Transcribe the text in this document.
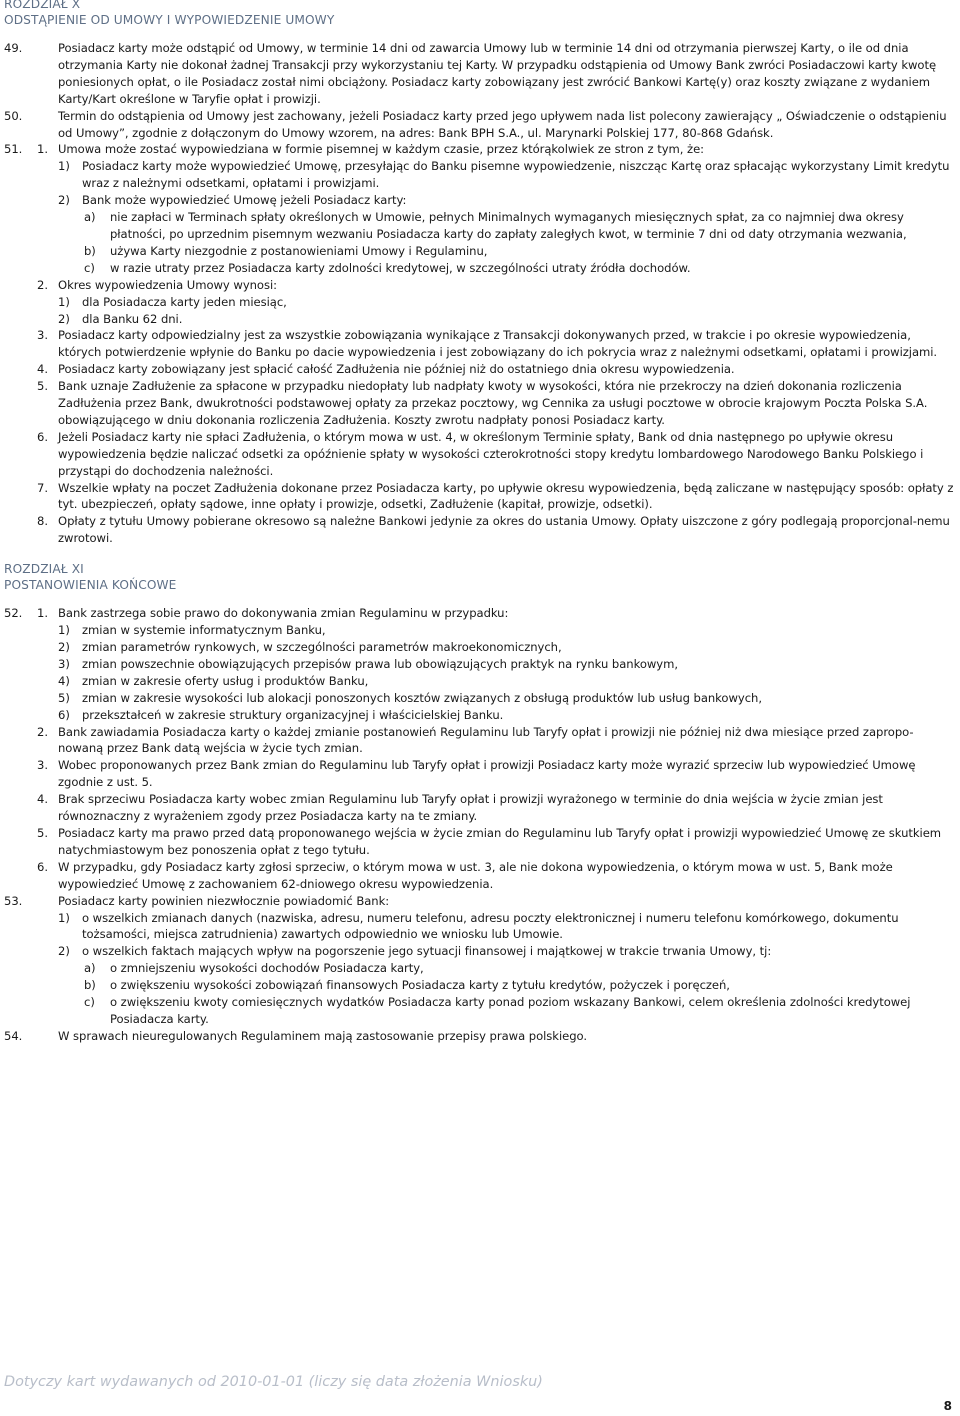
ROZDZIAŁ X
ODSTĄPIENIE OD UMOWY I WYPOWIEDZENIE UMOWY
49.	Posiadacz karty może odstąpić od Umowy, w terminie 14 dni od zawarcia Umowy lub w terminie 14 dni od otrzymania pierwszej Karty, o ile od dnia otrzymania Karty nie dokonał żadnej Transakcji przy wykorzystaniu tej Karty. W przypadku odstąpienia od Umowy Bank zwróci Posiadaczowi karty kwotę poniesionych opłat, o ile Posiadacz został nimi obciążony. Posiadacz karty zobowiązany jest zwrócić Bankowi Kartę(y) oraz koszty związane z wydaniem Karty/Kart określone w Taryfie opłat i prowizji.
50.	Termin do odstąpienia od Umowy jest zachowany, jeżeli Posiadacz karty przed jego upływem nada list polecony zawierający „ Oświadczenie o odstąpieniu od Umowy”, zgodnie z dołączonym do Umowy wzorem, na adres: Bank BPH S.A., ul. Marynarki Polskiej 177, 80-868 Gdańsk.
51. 1. Umowa może zostać wypowiedziana w formie pisemnej w każdym czasie, przez którąkolwiek ze stron z tym, że:
1) Posiadacz karty może wypowiedzieć Umowę, przesyłając do Banku pisemne wypowiedzenie, niszcząc Kartę oraz spłacając wykorzystany Limit kredytu wraz z należnymi odsetkami, opłatami i prowizjami.
2) Bank może wypowiedzieć Umowę jeżeli Posiadacz karty:
a) nie zapłaci w Terminach spłaty określonych w Umowie, pełnych Minimalnych wymaganych miesięcznych spłat, za co najmniej dwa okresy płatności, po uprzednim pisemnym wezwaniu Posiadacza karty do zapłaty zaległych kwot, w terminie 7 dni od daty otrzymania wezwania,
b) używa Karty niezgodnie z postanowieniami Umowy i Regulaminu,
c) w razie utraty przez Posiadacza karty zdolności kredytowej, w szczególności utraty źródła dochodów.
2. Okres wypowiedzenia Umowy wynosi:
1) dla Posiadacza karty jeden miesiąc,
2) dla Banku 62 dni.
3. Posiadacz karty odpowiedzialny jest za wszystkie zobowiązania wynikające z Transakcji dokonywanych przed, w trakcie i po okresie wypowiedzenia, których potwierdzenie wpłynie do Banku po dacie wypowiedzenia i jest zobowiązany do ich pokrycia wraz z należnymi odsetkami, opłatami i prowizjami.
4. Posiadacz karty zobowiązany jest spłacić całość Zadłużenia nie później niż do ostatniego dnia okresu wypowiedzenia.
5. Bank uznaje Zadłużenie za spłacone w przypadku niedopłaty lub nadpłaty kwoty w wysokości, która nie przekroczy na dzień dokonania rozliczenia Zadłużenia przez Bank, dwukrotności podstawowej opłaty za przekaz pocztowy, wg Cennika za usługi pocztowe w obrocie krajowym Poczta Polska S.A. obowiązującego w dniu dokonania rozliczenia Zadłużenia. Koszty zwrotu nadpłaty ponosi Posiadacz karty.
6. Jeżeli Posiadacz karty nie spłaci Zadłużenia, o którym mowa w ust. 4, w określonym Terminie spłaty, Bank od dnia następnego po upływie okresu wypowiedzenia będzie naliczać odsetki za opóźnienie spłaty w wysokości czterokrotności stopy kredytu lombardowego Narodowego Banku Polskiego i przystąpi do dochodzenia należności.
7. Wszelkie wpłaty na poczet Zadłużenia dokonane przez Posiadacza karty, po upływie okresu wypowiedzenia, będą zaliczane w następujący sposób: opłaty z tyt. ubezpieczeń, opłaty sądowe, inne opłaty i prowizje, odsetki, Zadłużenie (kapitał, prowizje, odsetki).
8. Opłaty z tytułu Umowy pobierane okresowo są należne Bankowi jedynie za okres do ustania Umowy. Opłaty uiszczone z góry podlegają proporcjonal-nemu zwrotowi.
ROZDZIAŁ XI
POSTANOWIENIA KOŃCOWE
52. 1. Bank zastrzega sobie prawo do dokonywania zmian Regulaminu w przypadku:
1) zmian w systemie informatycznym Banku,
2) zmian parametrów rynkowych, w szczególności parametrów makroekonomicznych,
3) zmian powszechnie obowiązujących przepisów prawa lub obowiązujących praktyk na rynku bankowym,
4) zmian w zakresie oferty usług i produktów Banku,
5) zmian w zakresie wysokości lub alokacji ponoszonych kosztów związanych z obsługą produktów lub usług bankowych,
6) przekształceń w zakresie struktury organizacyjnej i właścicielskiej Banku.
2. Bank zawiadamia Posiadacza karty o każdej zmianie postanowień Regulaminu lub Taryfy opłat i prowizji nie później niż dwa miesiące przed zapropo-nowaną przez Bank datą wejścia w życie tych zmian.
3. Wobec proponowanych przez Bank zmian do Regulaminu lub Taryfy opłat i prowizji Posiadacz karty może wyrazić sprzeciw lub wypowiedzieć Umowę zgodnie z ust. 5.
4. Brak sprzeciwu Posiadacza karty wobec zmian Regulaminu lub Taryfy opłat i prowizji wyrażonego w terminie do dnia wejścia w życie zmian jest równoznaczny z wyrażeniem zgody przez Posiadacza karty na te zmiany.
5. Posiadacz karty ma prawo przed datą proponowanego wejścia w życie zmian do Regulaminu lub Taryfy opłat i prowizji wypowiedzieć Umowę ze skutkiem natychmiastowym bez ponoszenia opłat z tego tytułu.
6. W przypadku, gdy Posiadacz karty zgłosi sprzeciw, o którym mowa w ust. 3, ale nie dokona wypowiedzenia, o którym mowa w ust. 5, Bank może wypowiedzieć Umowę z zachowaniem 62-dniowego okresu wypowiedzenia.
53.	Posiadacz karty powinien niezwłocznie powiadomić Bank:
1) o wszelkich zmianach danych (nazwiska, adresu, numeru telefonu, adresu poczty elektronicznej i numeru telefonu komórkowego, dokumentu tożsamości, miejsca zatrudnienia) zawartych odpowiednio we wniosku lub Umowie.
2) o wszelkich faktach mających wpływ na pogorszenie jego sytuacji finansowej i majątkowej w trakcie trwania Umowy, tj:
a) o zmniejszeniu wysokości dochodów Posiadacza karty,
b) o zwiększeniu wysokości zobowiązań finansowych Posiadacza karty z tytułu kredytów, pożyczek i poręczeń,
c) o zwiększeniu kwoty comiesięcznych wydatków Posiadacza karty ponad poziom wskazany Bankowi, celem określenia zdolności kredytowej Posiadacza karty.
54.	W sprawach nieuregulowanych Regulaminem mają zastosowanie przepisy prawa polskiego.
Dotyczy kart wydawanych od 2010-01-01 (liczy się data złożenia Wniosku)
8
